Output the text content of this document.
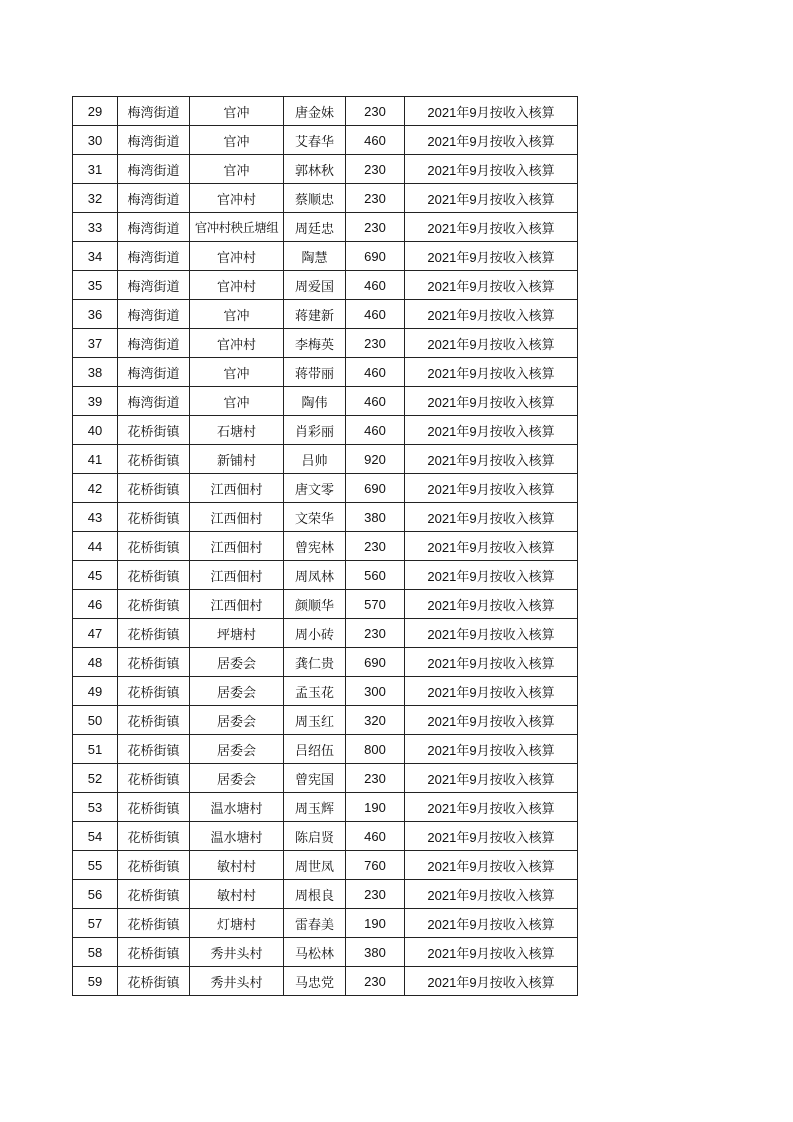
29	梅湾街道	官冲	唐金妹	230	2021年9月按收入核算
30	梅湾街道	官冲	艾春华	460	2021年9月按收入核算
31	梅湾街道	官冲	郭林秋	230	2021年9月按收入核算
32	梅湾街道	官冲村	蔡顺忠	230	2021年9月按收入核算
33	梅湾街道	官冲村秧丘塘组	周廷忠	230	2021年9月按收入核算
34	梅湾街道	官冲村	陶慧	690	2021年9月按收入核算
35	梅湾街道	官冲村	周爱国	460	2021年9月按收入核算
36	梅湾街道	官冲	蒋建新	460	2021年9月按收入核算
37	梅湾街道	官冲村	李梅英	230	2021年9月按收入核算
38	梅湾街道	官冲	蒋带丽	460	2021年9月按收入核算
39	梅湾街道	官冲	陶伟	460	2021年9月按收入核算
40	花桥街镇	石塘村	肖彩丽	460	2021年9月按收入核算
41	花桥街镇	新铺村	吕帅	920	2021年9月按收入核算
42	花桥街镇	江西佃村	唐文零	690	2021年9月按收入核算
43	花桥街镇	江西佃村	文荣华	380	2021年9月按收入核算
44	花桥街镇	江西佃村	曾宪林	230	2021年9月按收入核算
45	花桥街镇	江西佃村	周凤林	560	2021年9月按收入核算
46	花桥街镇	江西佃村	颜顺华	570	2021年9月按收入核算
47	花桥街镇	坪塘村	周小砖	230	2021年9月按收入核算
48	花桥街镇	居委会	龚仁贵	690	2021年9月按收入核算
49	花桥街镇	居委会	孟玉花	300	2021年9月按收入核算
50	花桥街镇	居委会	周玉红	320	2021年9月按收入核算
51	花桥街镇	居委会	吕绍伍	800	2021年9月按收入核算
52	花桥街镇	居委会	曾宪国	230	2021年9月按收入核算
53	花桥街镇	温水塘村	周玉辉	190	2021年9月按收入核算
54	花桥街镇	温水塘村	陈启贤	460	2021年9月按收入核算
55	花桥街镇	敏村村	周世凤	760	2021年9月按收入核算
56	花桥街镇	敏村村	周根良	230	2021年9月按收入核算
57	花桥街镇	灯塘村	雷春美	190	2021年9月按收入核算
58	花桥街镇	秀井头村	马松林	380	2021年9月按收入核算
59	花桥街镇	秀井头村	马忠党	230	2021年9月按收入核算
